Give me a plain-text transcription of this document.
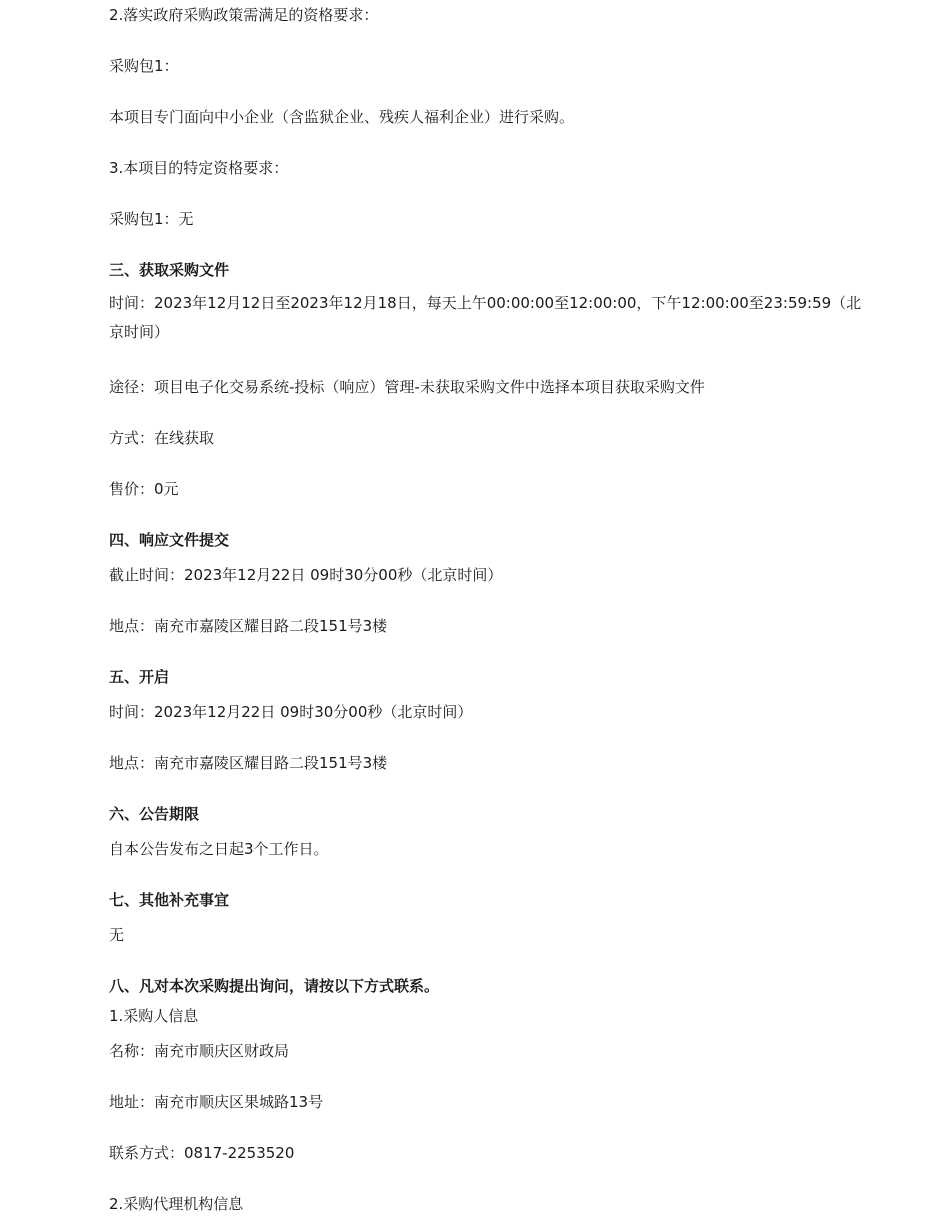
2.落实政府采购政策需满足的资格要求：

采购包1：

本项目专门面向中小企业（含监狱企业、残疾人福利企业）进行采购。

3.本项目的特定资格要求：

采购包1：无

三、获取采购文件

时间：2023年12月12日至2023年12月18日，每天上午00:00:00至12:00:00，下午12:00:00至23:59:59（北京时间）

途径：项目电子化交易系统-投标（响应）管理-未获取采购文件中选择本项目获取采购文件

方式：在线获取

售价：0元

四、响应文件提交

截止时间：2023年12月22日 09时30分00秒（北京时间）

地点：南充市嘉陵区耀目路二段151号3楼

五、开启

时间：2023年12月22日 09时30分00秒（北京时间）

地点：南充市嘉陵区耀目路二段151号3楼

六、公告期限

自本公告发布之日起3个工作日。

七、其他补充事宜

无

八、凡对本次采购提出询问，请按以下方式联系。

1.采购人信息

名称：南充市顺庆区财政局

地址：南充市顺庆区果城路13号

联系方式：0817-2253520

2.采购代理机构信息
